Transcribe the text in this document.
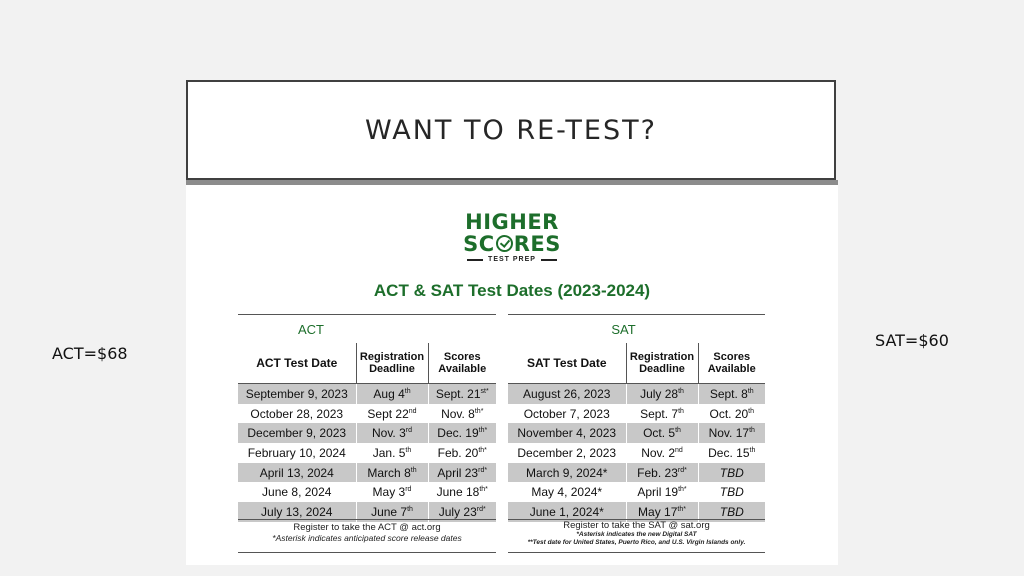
WANT TO RE-TEST?
ACT=$68
SAT=$60
HIGHER
SC RES
TEST PREP
ACT & SAT Test Dates (2023-2024)
ACT	SAT
ACT Test Date	Registration Deadline	Scores Available
September 9, 2023	Aug 4th	Sept. $21^{st*}$
October 28, 2023	Sept 22nd	Nov. $8^{th*}$
December 9, 2023	Nov. 3rd	Dec. $19^{th*}$
February 10, 2024	Jan. 5th	Feb. $20^{th*}$
April 13, 2024	March 8th	April $23^{rd*}$
June 8, 2024	May 3rd	June $18^{th*}$
July 13, 2024	June 7th	July $23^{rd*}$
SAT Test Date	Registration Deadline	Scores Available
August 26, 2023	July 28th	Sept. 8th
October 7, 2023	Sept. 7th	Oct. 20th
November 4, 2023	Oct. 5th	Nov. 17th
December 2, 2023	Nov. 2nd	Dec. 15th
March 9, 2024*	Feb. $23^{rd*}$	TBD
May 4, 2024*	April $19^{th*}$	TBD
June 1, 2024*	May $17^{th*}$	TBD
Register to take the ACT @ act.org
*Asterisk indicates anticipated score release dates
Register to take the SAT @ sat.org
*Asterisk indicates the new Digital SAT
**Test date for United States, Puerto Rico, and U.S. Virgin Islands only.
